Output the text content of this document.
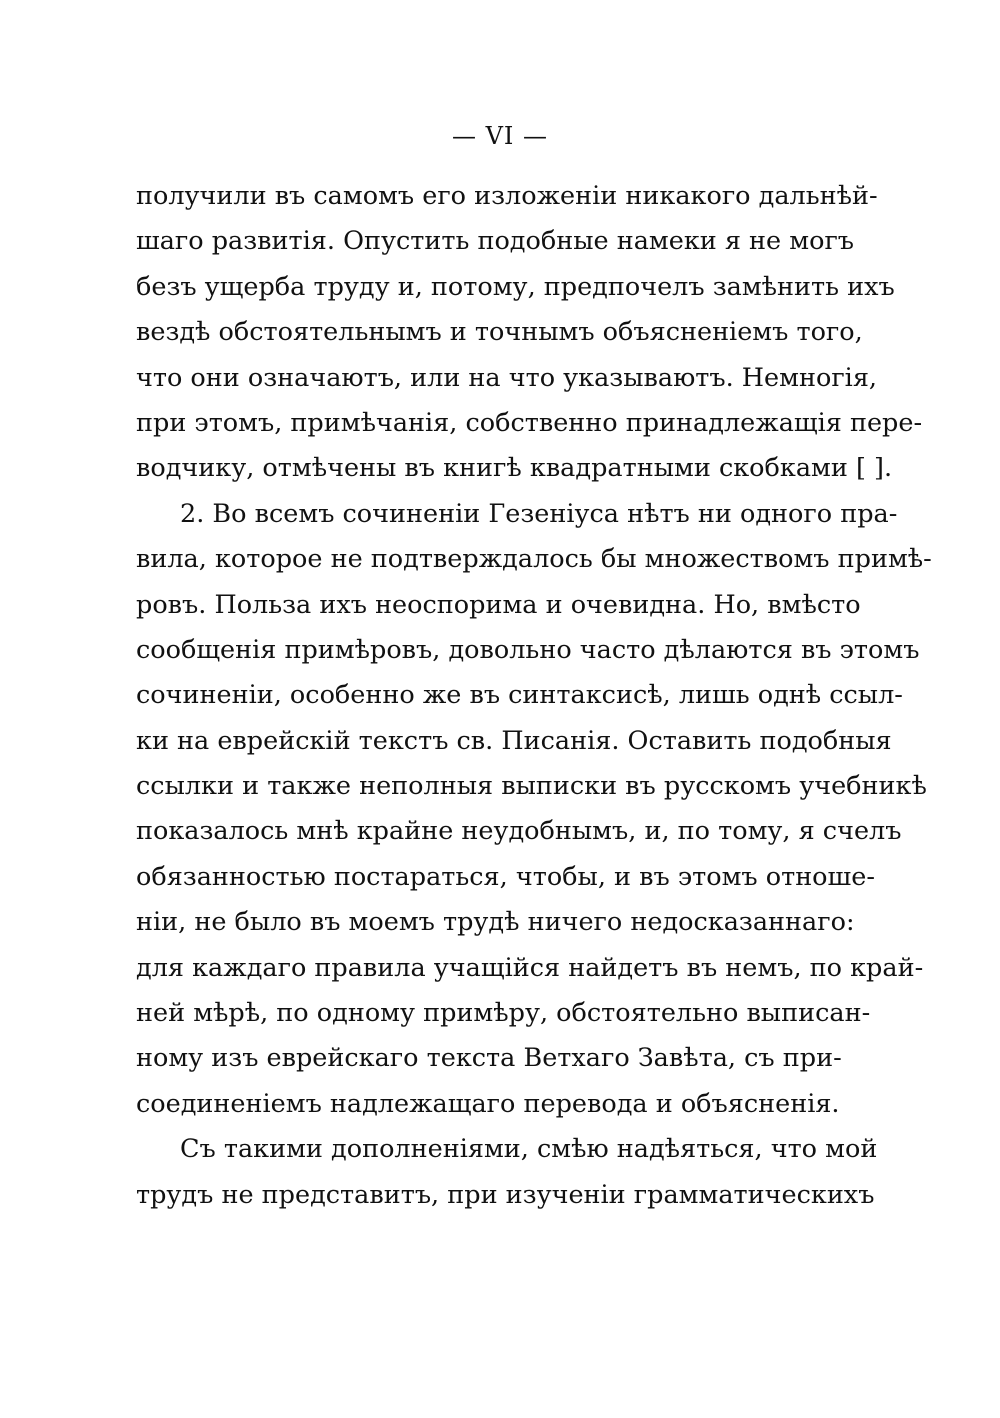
— VI —
получили въ самомъ его изложеніи никакого дальнѣй-
шаго развитія. Опустить подобные намеки я не могъ
безъ ущерба труду и, потому, предпочелъ замѣнить ихъ
вездѣ обстоятельнымъ и точнымъ объясненіемъ того,
что они означаютъ, или на что указываютъ. Немногія,
при этомъ, примѣчанія, собственно принадлежащія пере-
водчику, отмѣчены въ книгѣ квадратными скобками [ ].
2. Во всемъ сочиненіи Гезеніуса нѣтъ ни одного пра-
вила, которое не подтверждалось бы множествомъ примѣ-
ровъ. Польза ихъ неоспорима и очевидна. Но, вмѣсто
сообщенія примѣровъ, довольно часто дѣлаются въ этомъ
сочиненіи, особенно же въ синтаксисѣ, лишь однѣ ссыл-
ки на еврейскій текстъ св. Писанія. Оставить подобныя
ссылки и также неполныя выписки въ русскомъ учебникѣ
показалось мнѣ крайне неудобнымъ, и, по тому, я счелъ
обязанностью постараться, чтобы, и въ этомъ отноше-
ніи, не было въ моемъ трудѣ ничего недосказаннаго:
для каждаго правила учащійся найдетъ въ немъ, по край-
ней мѣрѣ, по одному примѣру, обстоятельно выписан-
ному изъ еврейскаго текста Ветхаго Завѣта, съ при-
соединеніемъ надлежащаго перевода и объясненія.
Съ такими дополненіями, смѣю надѣяться, что мой
трудъ не представитъ, при изученіи грамматическихъ
